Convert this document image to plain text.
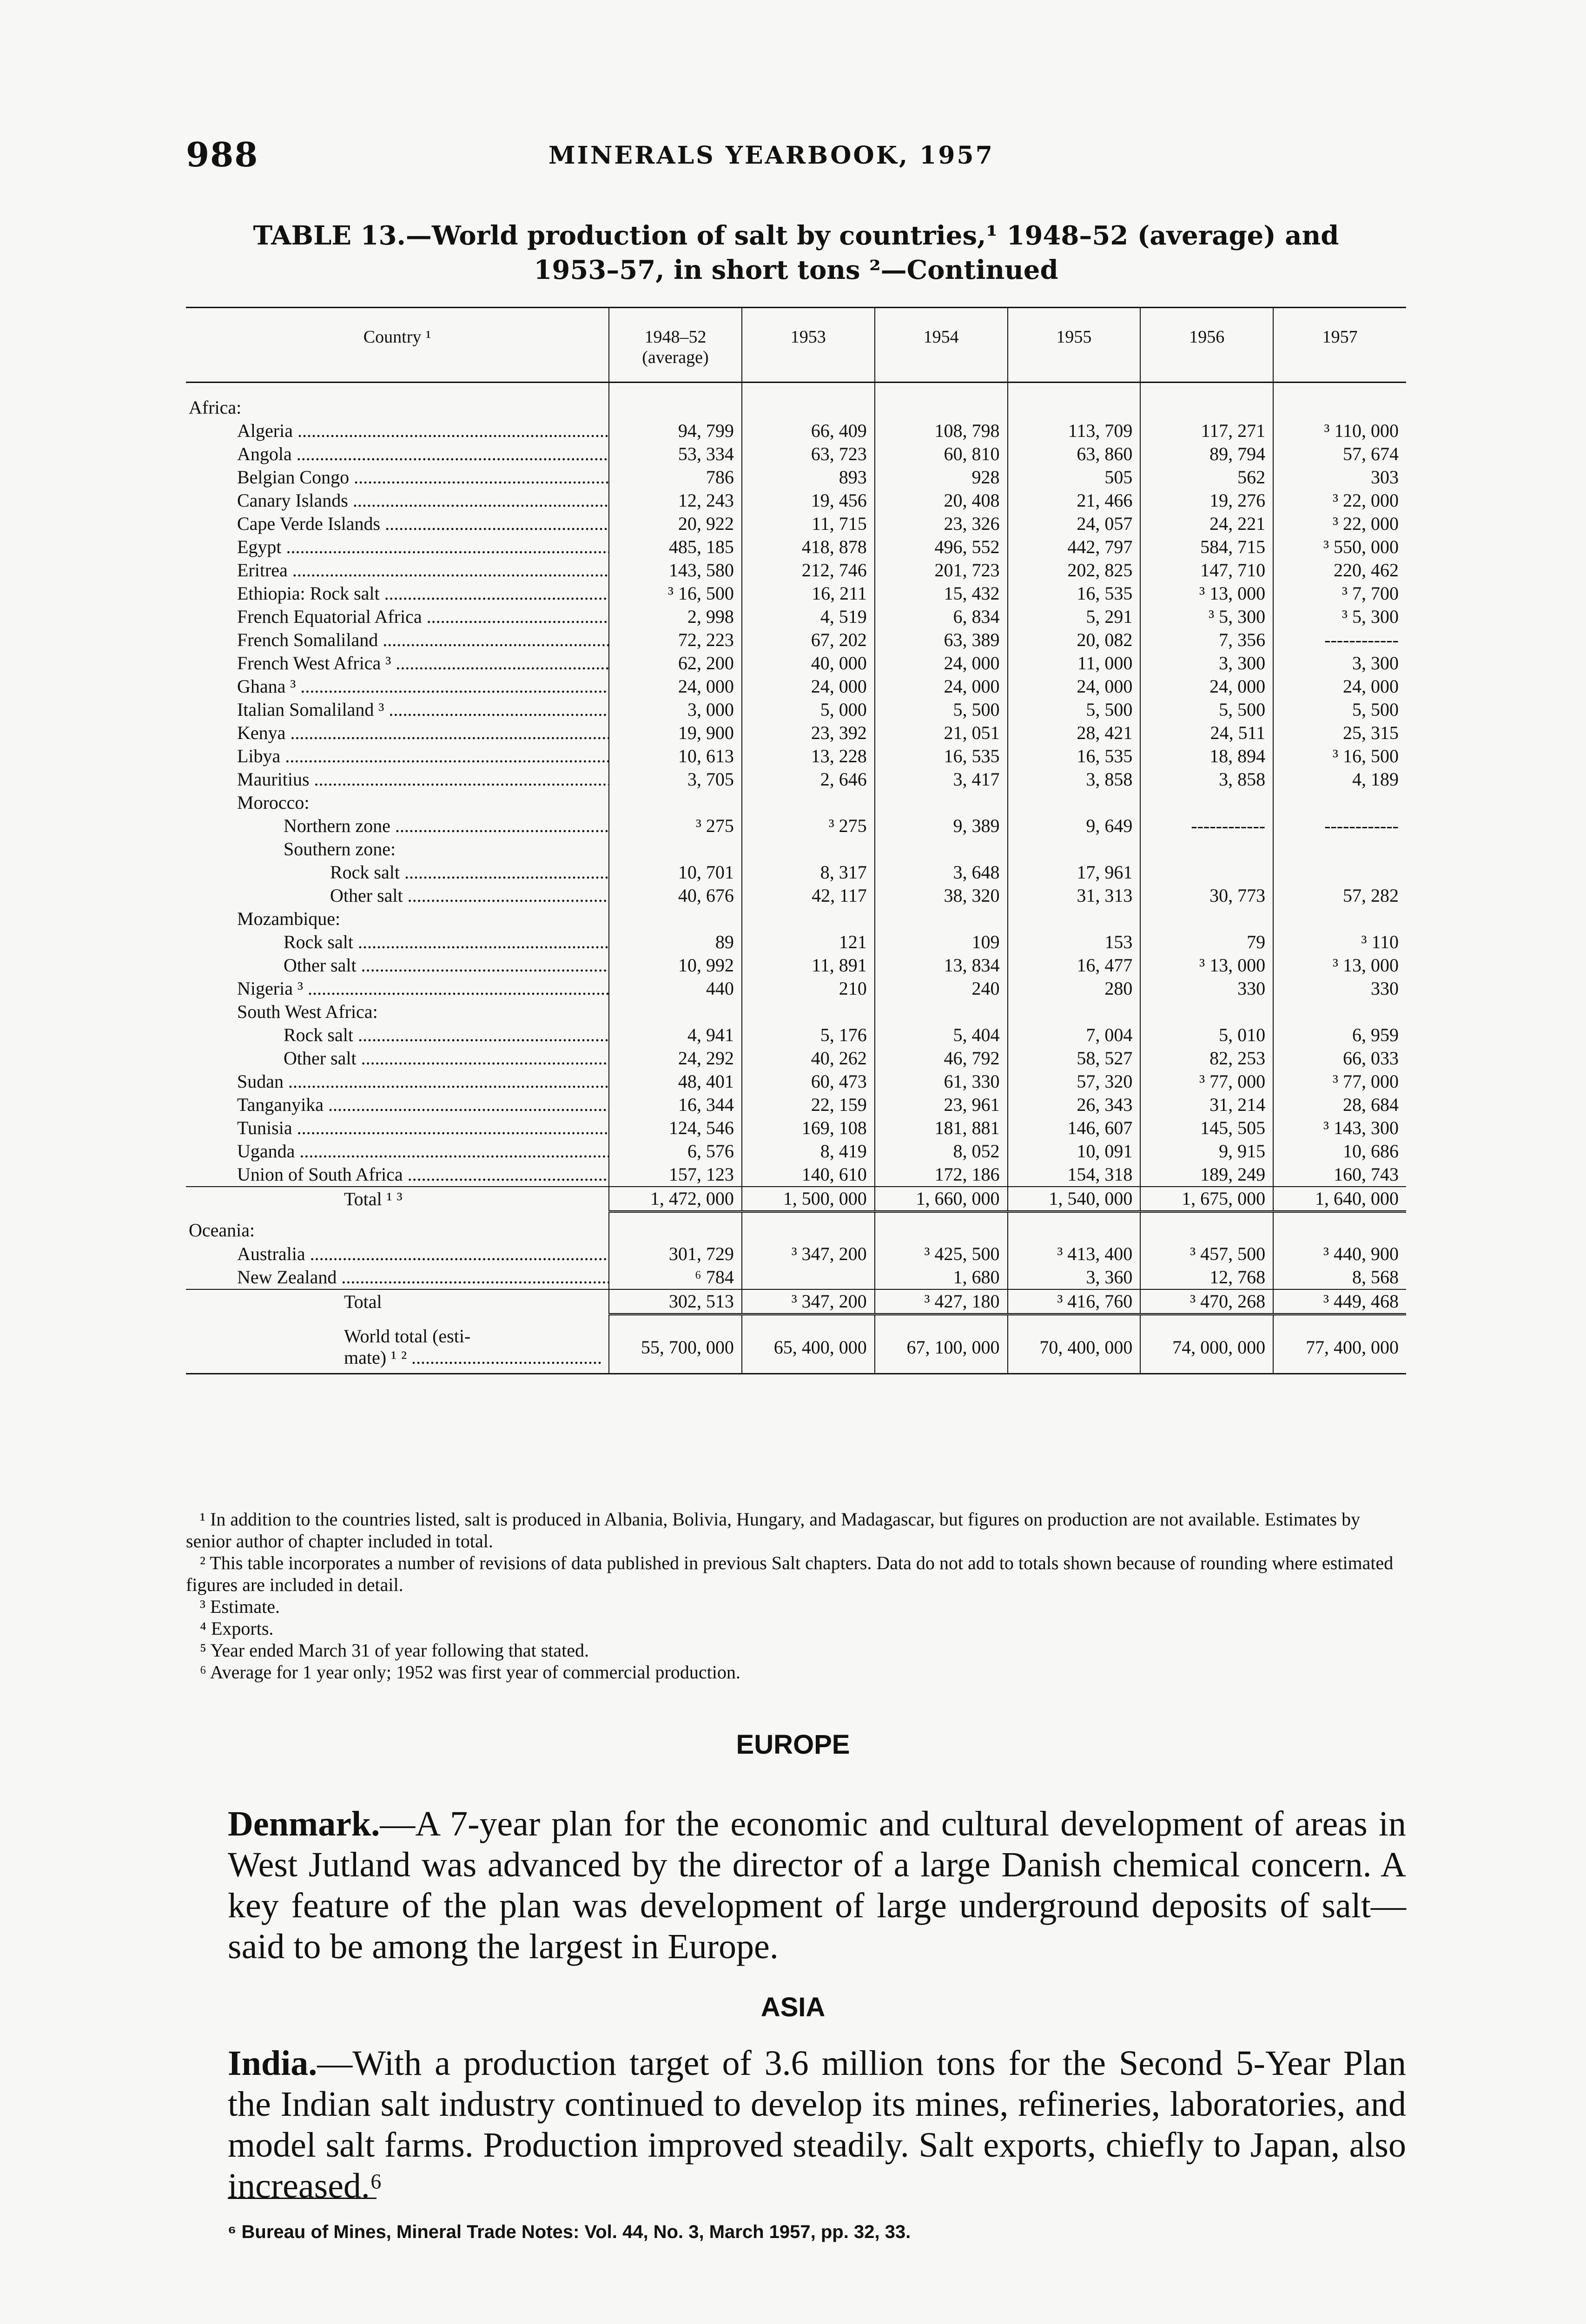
988	MINERALS YEARBOOK, 1957
TABLE 13.—World production of salt by countries,¹ 1948–52 (average) and
1953–57, in short tons ²—Continued
Country ¹	1948–52 (average)	1953	1954	1955	1956	1957

Africa:						
Algeria .....	94, 799	66, 409	108, 798	113, 709	117, 271	³ 110, 000
Angola .....	53, 334	63, 723	60, 810	63, 860	89, 794	57, 674
Belgian Congo .....	786	893	928	505	562	303
Canary Islands .....	12, 243	19, 456	20, 408	21, 466	19, 276	³ 22, 000
Cape Verde Islands .....	20, 922	11, 715	23, 326	24, 057	24, 221	³ 22, 000
Egypt .....	485, 185	418, 878	496, 552	442, 797	584, 715	³ 550, 000
Eritrea .....	143, 580	212, 746	201, 723	202, 825	147, 710	220, 462
Ethiopia: Rock salt .....	³ 16, 500	16, 211	15, 432	16, 535	³ 13, 000	³ 7, 700
French Equatorial Africa .....	2, 998	4, 519	6, 834	5, 291	³ 5, 300	³ 5, 300
French Somaliland .....	72, 223	67, 202	63, 389	20, 082	7, 356	------------
French West Africa ³ .....	62, 200	40, 000	24, 000	11, 000	3, 300	3, 300
Ghana ³ .....	24, 000	24, 000	24, 000	24, 000	24, 000	24, 000
Italian Somaliland ³ .....	3, 000	5, 000	5, 500	5, 500	5, 500	5, 500
Kenya .....	19, 900	23, 392	21, 051	28, 421	24, 511	25, 315
Libya .....	10, 613	13, 228	16, 535	16, 535	18, 894	³ 16, 500
Mauritius .....	3, 705	2, 646	3, 417	3, 858	3, 858	4, 189
Morocco:						
Northern zone .....	³ 275	³ 275	9, 389	9, 649	------------	------------
Southern zone:						
Rock salt .....	10, 701	8, 317	3, 648	17, 961		
Other salt .....	40, 676	42, 117	38, 320	31, 313	30, 773	57, 282
Mozambique:						
Rock salt .....	89	121	109	153	79	³ 110
Other salt .....	10, 992	11, 891	13, 834	16, 477	³ 13, 000	³ 13, 000
Nigeria ³ .....	440	210	240	280	330	330
South West Africa:						
Rock salt .....	4, 941	5, 176	5, 404	7, 004	5, 010	6, 959
Other salt .....	24, 292	40, 262	46, 792	58, 527	82, 253	66, 033
Sudan .....	48, 401	60, 473	61, 330	57, 320	³ 77, 000	³ 77, 000
Tanganyika .....	16, 344	22, 159	23, 961	26, 343	31, 214	28, 684
Tunisia .....	124, 546	169, 108	181, 881	146, 607	145, 505	³ 143, 300
Uganda .....	6, 576	8, 419	8, 052	10, 091	9, 915	10, 686
Union of South Africa .....	157, 123	140, 610	172, 186	154, 318	189, 249	160, 743
Total ¹ ³	1, 472, 000	1, 500, 000	1, 660, 000	1, 540, 000	1, 675, 000	1, 640, 000
Oceania:						
Australia .....	301, 729	³ 347, 200	³ 425, 500	³ 413, 400	³ 457, 500	³ 440, 900
New Zealand .....	⁶ 784		1, 680	3, 360	12, 768	8, 568
Total	302, 513	³ 347, 200	³ 427, 180	³ 416, 760	³ 470, 268	³ 449, 468

World total (esti-
mate) ¹ ² .....	55, 700, 000	65, 400, 000	67, 100, 000	70, 400, 000	74, 000, 000	77, 400, 000

¹ In addition to the countries listed, salt is produced in Albania, Bolivia, Hungary, and Madagascar, but figures on production are not available. Estimates by senior author of chapter included in total.

² This table incorporates a number of revisions of data published in previous Salt chapters. Data do not add to totals shown because of rounding where estimated figures are included in detail.

³ Estimate.

⁴ Exports.

⁵ Year ended March 31 of year following that stated.

⁶ Average for 1 year only; 1952 was first year of commercial production.

EUROPE
Denmark.—A 7-year plan for the economic and cultural development of areas in West Jutland was advanced by the director of a large Danish chemical concern. A key feature of the plan was development of large underground deposits of salt—said to be among the largest in Europe.
ASIA
India.—With a production target of 3.6 million tons for the Second 5-Year Plan the Indian salt industry continued to develop its mines, refineries, laboratories, and model salt farms. Production improved steadily. Salt exports, chiefly to Japan, also increased.⁶
⁶ Bureau of Mines, Mineral Trade Notes: Vol. 44, No. 3, March 1957, pp. 32, 33.
